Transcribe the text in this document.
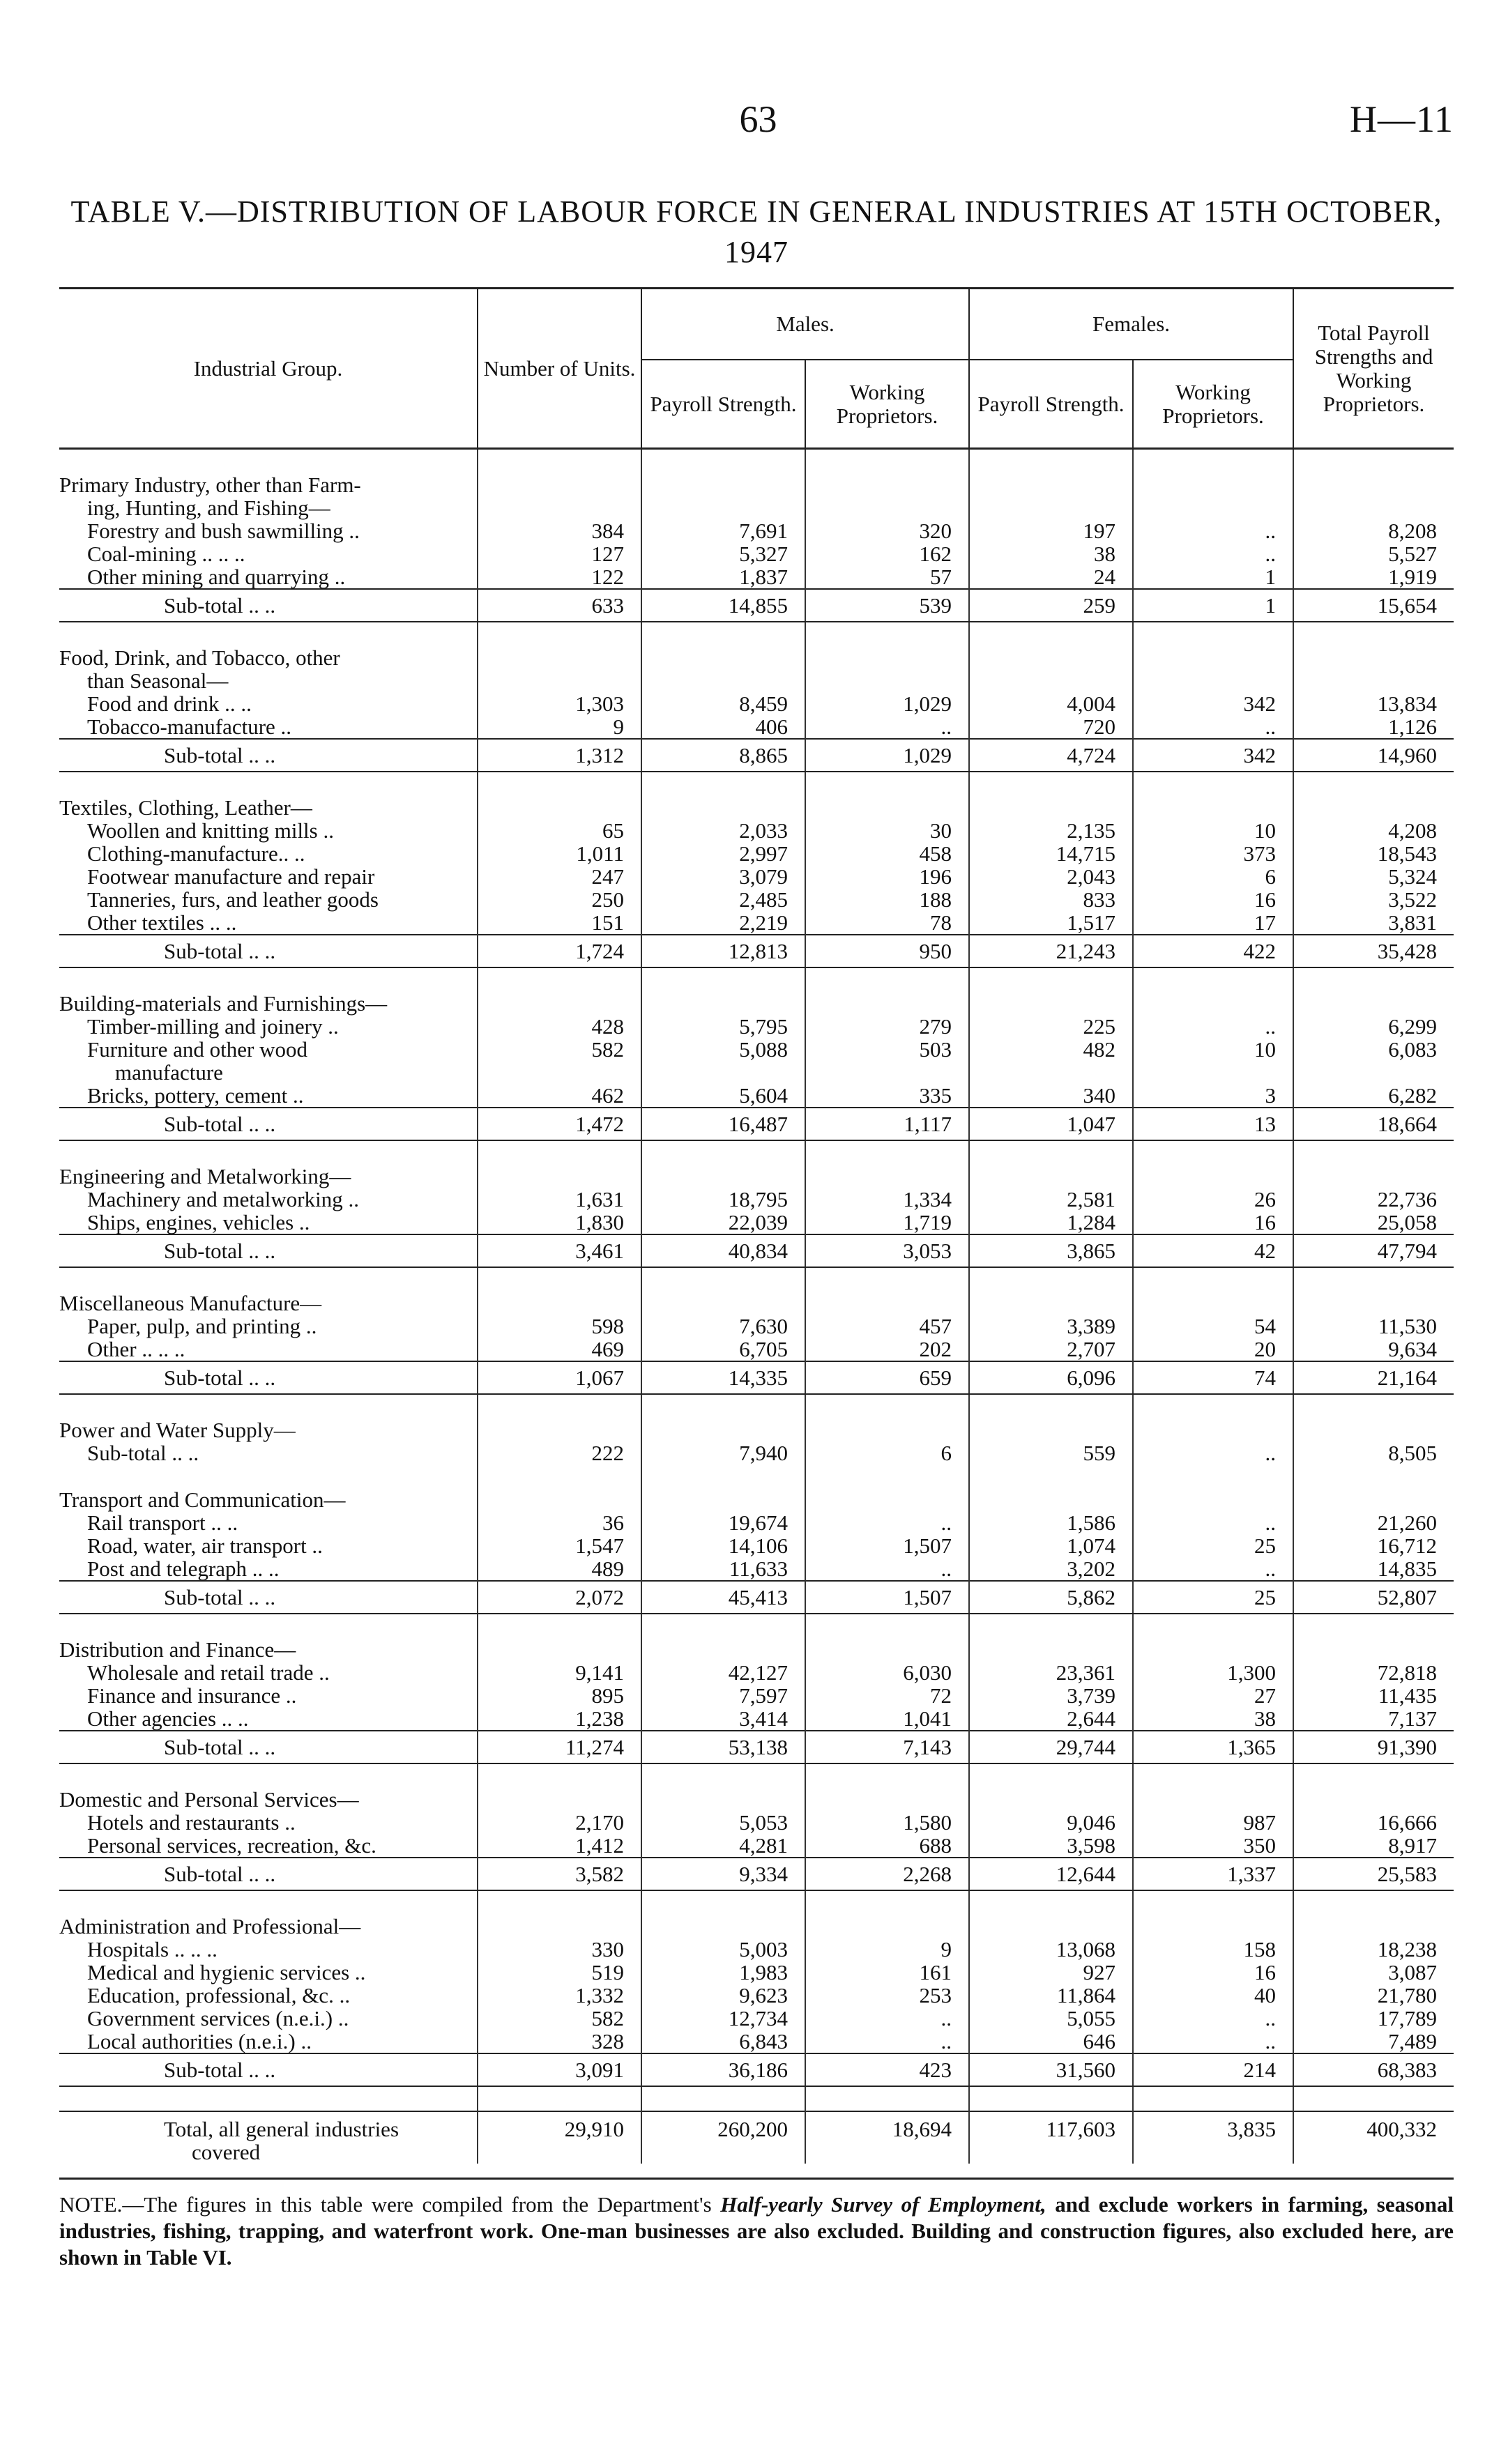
63	H—11
TABLE V.—DISTRIBUTION OF LABOUR FORCE IN GENERAL INDUSTRIES AT 15TH OCTOBER,
1947
Industrial Group.	Number of Units.	Males.		Females.		Total Payroll Strengths and Working Proprietors.
		Payroll Strength.	Working Proprietors.	Payroll Strength.	Working Proprietors.	

Primary Industry, other than Farm-						
ing, Hunting, and Fishing—						
Forestry and bush sawmilling ..	384	7,691	320	197	..	8,208
Coal-mining .. .. ..	127	5,327	162	38	..	5,527
Other mining and quarrying ..	122	1,837	57	24	1	1,919
Sub-total .. ..	633	14,855	539	259	1	15,654

Food, Drink, and Tobacco, other						
than Seasonal—						
Food and drink .. ..	1,303	8,459	1,029	4,004	342	13,834
Tobacco-manufacture ..	9	406	..	720	..	1,126
Sub-total .. ..	1,312	8,865	1,029	4,724	342	14,960

Textiles, Clothing, Leather—						
Woollen and knitting mills ..	65	2,033	30	2,135	10	4,208
Clothing-manufacture.. ..	1,011	2,997	458	14,715	373	18,543
Footwear manufacture and repair	247	3,079	196	2,043	6	5,324
Tanneries, furs, and leather goods	250	2,485	188	833	16	3,522
Other textiles .. ..	151	2,219	78	1,517	17	3,831
Sub-total .. ..	1,724	12,813	950	21,243	422	35,428

Building-materials and Furnishings—						
Timber-milling and joinery ..	428	5,795	279	225	..	6,299
Furniture and other wood
manufacture	582	5,088	503	482	10	6,083
Bricks, pottery, cement ..	462	5,604	335	340	3	6,282
Sub-total .. ..	1,472	16,487	1,117	1,047	13	18,664

Engineering and Metalworking—						
Machinery and metalworking ..	1,631	18,795	1,334	2,581	26	22,736
Ships, engines, vehicles ..	1,830	22,039	1,719	1,284	16	25,058
Sub-total .. ..	3,461	40,834	3,053	3,865	42	47,794

Miscellaneous Manufacture—						
Paper, pulp, and printing ..	598	7,630	457	3,389	54	11,530
Other .. .. ..	469	6,705	202	2,707	20	9,634
Sub-total .. ..	1,067	14,335	659	6,096	74	21,164

Power and Water Supply—						
Sub-total .. ..	222	7,940	6	559	..	8,505

Transport and Communication—						
Rail transport .. ..	36	19,674	..	1,586	..	21,260
Road, water, air transport ..	1,547	14,106	1,507	1,074	25	16,712
Post and telegraph .. ..	489	11,633	..	3,202	..	14,835
Sub-total .. ..	2,072	45,413	1,507	5,862	25	52,807

Distribution and Finance—						
Wholesale and retail trade ..	9,141	42,127	6,030	23,361	1,300	72,818
Finance and insurance ..	895	7,597	72	3,739	27	11,435
Other agencies .. ..	1,238	3,414	1,041	2,644	38	7,137
Sub-total .. ..	11,274	53,138	7,143	29,744	1,365	91,390

Domestic and Personal Services—						
Hotels and restaurants ..	2,170	5,053	1,580	9,046	987	16,666
Personal services, recreation, &c.	1,412	4,281	688	3,598	350	8,917
Sub-total .. ..	3,582	9,334	2,268	12,644	1,337	25,583

Administration and Professional—						
Hospitals .. .. ..	330	5,003	9	13,068	158	18,238
Medical and hygienic services ..	519	1,983	161	927	16	3,087
Education, professional, &c. ..	1,332	9,623	253	11,864	40	21,780
Government services (n.e.i.) ..	582	12,734	..	5,055	..	17,789
Local authorities (n.e.i.) ..	328	6,843	..	646	..	7,489
Sub-total .. ..	3,091	36,186	423	31,560	214	68,383

Total, all general industries
covered	29,910	260,200	18,694	117,603	3,835	400,332
NOTE.—The figures in this table were compiled from the Department's Half-yearly Survey of Employment, and exclude workers in farming, seasonal industries, fishing, trapping, and waterfront work. One-man businesses are also excluded. Building and construction figures, also excluded here, are shown in Table VI.
